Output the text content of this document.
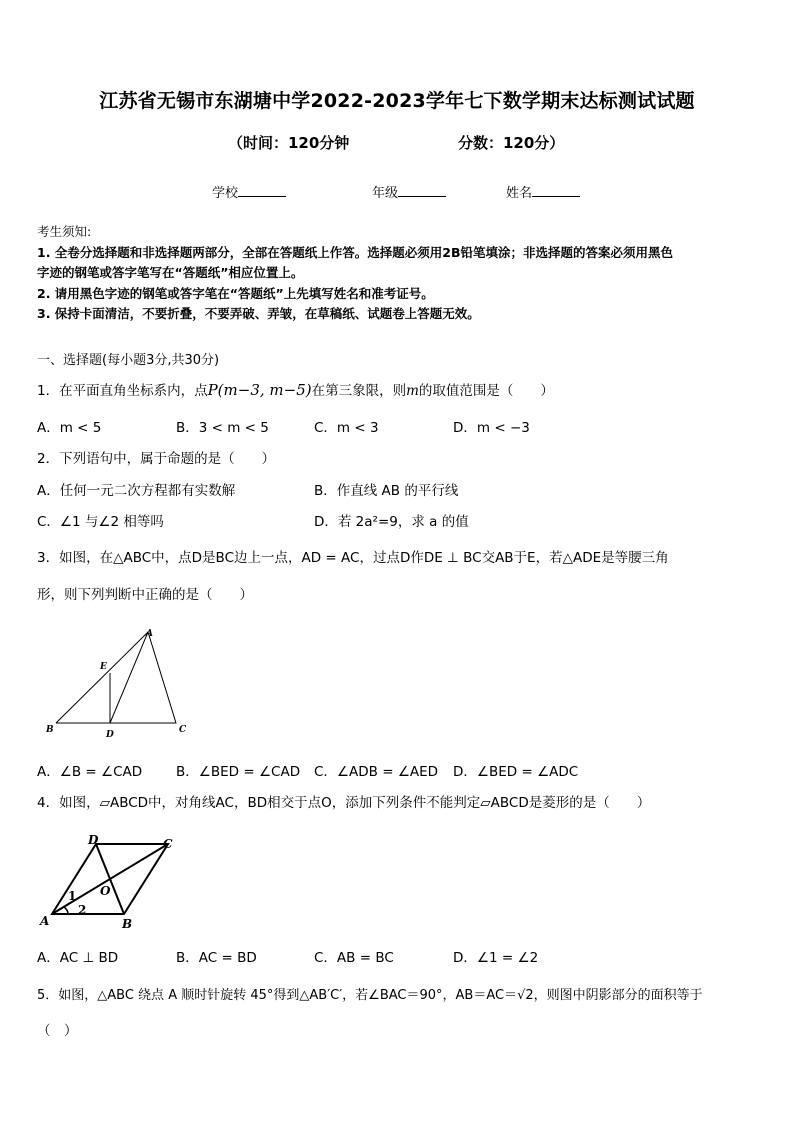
江苏省无锡市东湖塘中学2022-2023学年七下数学期末达标测试试题
（时间：120分钟	分数：120分）
学校	年级	姓名
考生须知:
1. 全卷分选择题和非选择题两部分，全部在答题纸上作答。选择题必须用2B铅笔填涂；非选择题的答案必须用黑色
字迹的钢笔或答字笔写在“答题纸”相应位置上。
2. 请用黑色字迹的钢笔或答字笔在“答题纸”上先填写姓名和准考证号。
3. 保持卡面清洁，不要折叠，不要弄破、弄皱，在草稿纸、试题卷上答题无效。
一、选择题(每小题3分,共30分)
1．在平面直角坐标系内，点P(m−3, m−5)在第三象限，则m的取值范围是（　　）
A．m < 5	B．3 < m < 5	C．m < 3	D．m < −3
2．下列语句中，属于命题的是（　　）
A．任何一元二次方程都有实数解	B．作直线 AB 的平行线
C．∠1 与∠2 相等吗	D．若 2a²=9，求 a 的值
3．如图，在△ABC中，点D是BC边上一点，AD = AC，过点D作DE ⊥ BC交AB于E，若△ADE是等腰三角
形，则下列判断中正确的是（　　）
A
E
B	D	C
A．∠B = ∠CAD	B．∠BED = ∠CAD C．∠ADB = ∠AED D．∠BED = ∠ADC
4．如图，▱ABCD中，对角线AC，BD相交于点O，添加下列条件不能判定▱ABCD是菱形的是（　　）
D	C
O
1
2
A	B
A．AC ⊥ BD	B．AC = BD	C．AB = BC	D．∠1 = ∠2
5．如图，△ABC 绕点 A 顺时针旋转 45°得到△AB′C′，若∠BAC＝90°，AB＝AC＝√2，则图中阴影部分的面积等于
（　）
